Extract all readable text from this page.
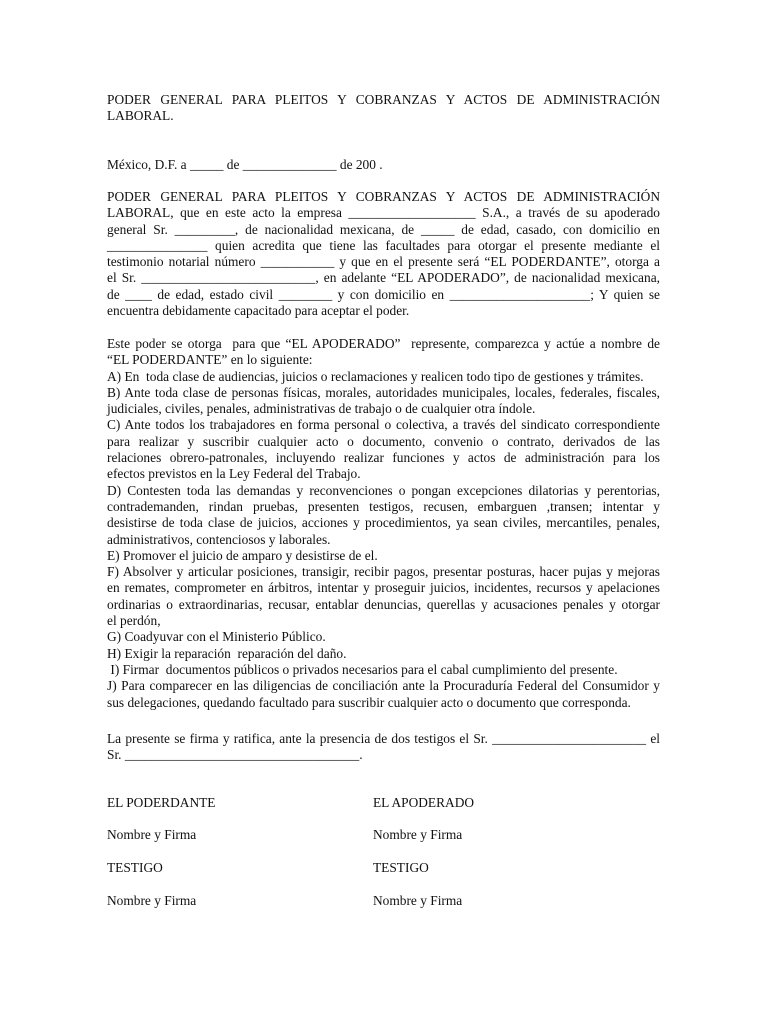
PODER GENERAL PARA PLEITOS Y COBRANZAS Y ACTOS DE ADMINISTRACIÓN LABORAL.

México, D.F. a _____ de ______________ de 200 .

PODER GENERAL PARA PLEITOS Y COBRANZAS Y ACTOS DE ADMINISTRACIÓN
LABORAL, que en este acto la empresa ___________________ S.A., a través de su apoderado
general Sr. _________, de nacionalidad mexicana, de _____ de edad, casado, con domicilio en
_______________ quien acredita que tiene las facultades para otorgar el presente mediante el
testimonio notarial número ___________ y que en el presente será “EL PODERDANTE”, otorga a
el Sr. __________________________, en adelante “EL APODERADO”, de nacionalidad mexicana,
de ____ de edad, estado civil ________ y con domicilio en _____________________; Y quien se
encuentra debidamente capacitado para aceptar el poder.
Este poder se otorga  para que “EL APODERADO”  represente, comparezca y actúe a nombre de
“EL PODERDANTE” en lo siguiente:
A) En  toda clase de audiencias, juicios o reclamaciones y realicen todo tipo de gestiones y trámites.
B) Ante toda clase de personas físicas, morales, autoridades municipales, locales, federales, fiscales,
judiciales, civiles, penales, administrativas de trabajo o de cualquier otra índole.
C) Ante todos los trabajadores en forma personal o colectiva, a través del sindicato correspondiente
para realizar y suscribir cualquier acto o documento, convenio o contrato, derivados de las
relaciones obrero-patronales, incluyendo realizar funciones y actos de administración para los
efectos previstos en la Ley Federal del Trabajo.
D) Contesten toda las demandas y reconvenciones o pongan excepciones dilatorias y perentorias,
contrademanden, rindan pruebas, presenten testigos, recusen, embarguen ,transen; intentar y
desistirse de toda clase de juicios, acciones y procedimientos, ya sean civiles, mercantiles, penales,
administrativos, contenciosos y laborales.
E) Promover el juicio de amparo y desistirse de el.
F) Absolver y articular posiciones, transigir, recibir pagos, presentar posturas, hacer pujas y mejoras
en remates, comprometer en árbitros, intentar y proseguir juicios, incidentes, recursos y apelaciones
ordinarias o extraordinarias, recusar, entablar denuncias, querellas y acusaciones penales y otorgar
el perdón,
G) Coadyuvar con el Ministerio Público.
H) Exigir la reparación  reparación del daño.
I) Firmar  documentos públicos o privados necesarios para el cabal cumplimiento del presente.
J) Para comparecer en las diligencias de conciliación ante la Procuraduría Federal del Consumidor y
sus delegaciones, quedando facultado para suscribir cualquier acto o documento que corresponda.
La presente se firma y ratifica, ante la presencia de dos testigos el Sr. _______________________ el
Sr. ___________________________________.
EL PODERDANTE	EL APODERADO
Nombre y Firma	Nombre y Firma
TESTIGO	TESTIGO
Nombre y Firma	Nombre y Firma
